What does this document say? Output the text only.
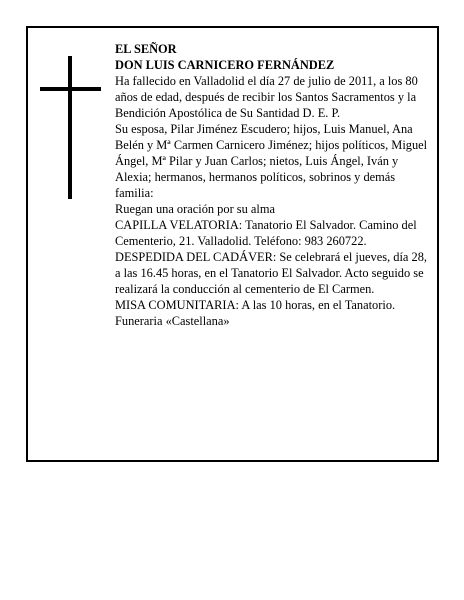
EL SEÑOR

DON LUIS CARNICERO FERNÁNDEZ

Ha fallecido en Valladolid el día 27 de julio de 2011, a los 80 años de edad, después de recibir los Santos Sacramentos y la Bendición Apostólica de Su Santidad D. E. P.

Su esposa, Pilar Jiménez Escudero; hijos, Luis Manuel, Ana Belén y Mª Carmen Carnicero Jiménez; hijos políticos, Miguel Ángel, Mª Pilar y Juan Carlos; nietos, Luis Ángel, Iván y Alexia; hermanos, hermanos políticos, sobrinos y demás familia:

Ruegan una oración por su alma

CAPILLA VELATORIA: Tanatorio El Salvador. Camino del Cementerio, 21. Valladolid. Teléfono: 983 260722.

DESPEDIDA DEL CADÁVER: Se celebrará el jueves, día 28, a las 16.45 horas, en el Tanatorio El Salvador. Acto seguido se realizará la conducción al cementerio de El Carmen.

MISA COMUNITARIA: A las 10 horas, en el Tanatorio.

Funeraria «Castellana»
